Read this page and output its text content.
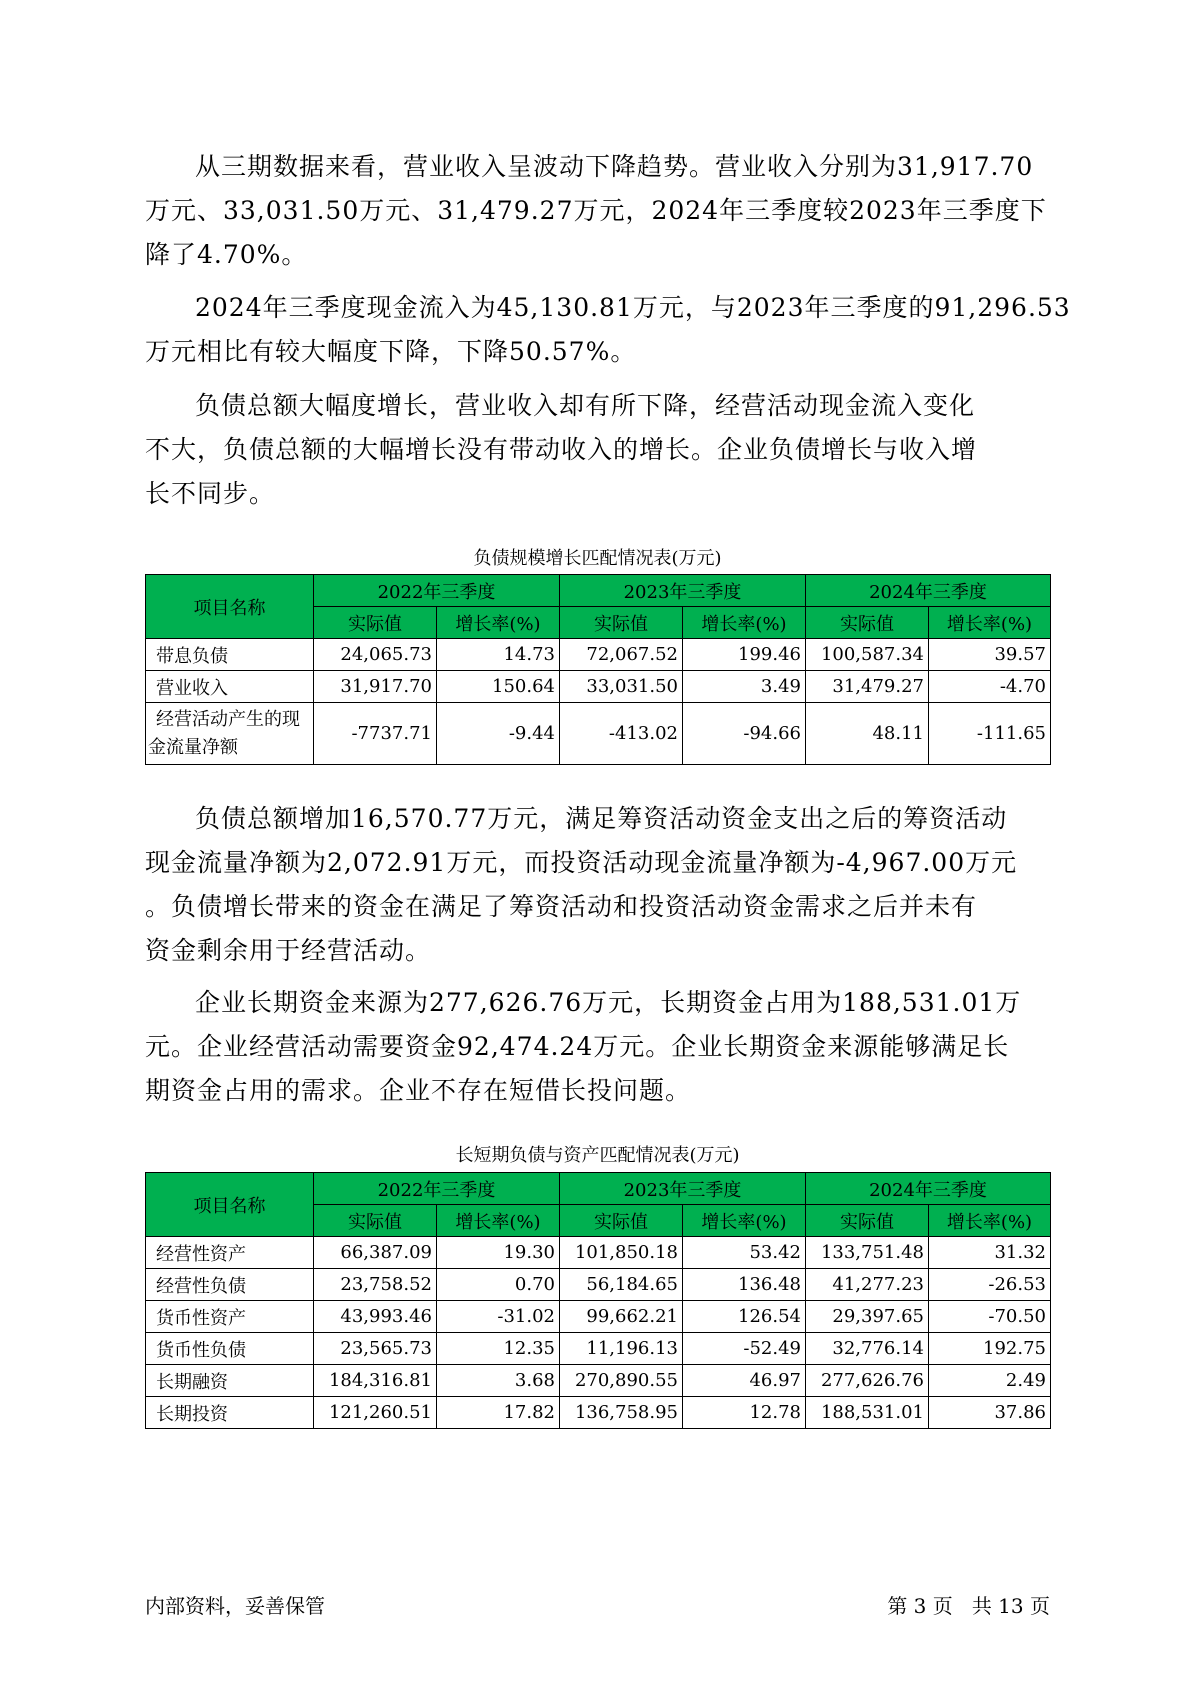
从三期数据来看，营业收入呈波动下降趋势。营业收入分别为31,917.70
万元、33,031.50万元、31,479.27万元，2024年三季度较2023年三季度下
降了4.70%。

2024年三季度现金流入为45,130.81万元，与2023年三季度的91,296.53
万元相比有较大幅度下降，下降50.57%。

负债总额大幅度增长，营业收入却有所下降，经营活动现金流入变化
不大，负债总额的大幅增长没有带动收入的增长。企业负债增长与收入增
长不同步。

负债规模增长匹配情况表(万元)
项目名称	2022年三季度		2023年三季度		2024年三季度	
	实际值	增长率(%)	实际值	增长率(%)	实际值	增长率(%)
带息负债	24,065.73	14.73	72,067.52	199.46	100,587.34	39.57
营业收入	31,917.70	150.64	33,031.50	3.49	31,479.27	-4.70

经营活动产生的现
金流量净额	-7737.71	-9.44	-413.02	-94.66	48.11	-111.65

负债总额增加16,570.77万元，满足筹资活动资金支出之后的筹资活动
现金流量净额为2,072.91万元，而投资活动现金流量净额为-4,967.00万元
。负债增长带来的资金在满足了筹资活动和投资活动资金需求之后并未有
资金剩余用于经营活动。

企业长期资金来源为277,626.76万元，长期资金占用为188,531.01万
元。企业经营活动需要资金92,474.24万元。企业长期资金来源能够满足长
期资金占用的需求。企业不存在短借长投问题。

长短期负债与资产匹配情况表(万元)
项目名称	2022年三季度		2023年三季度		2024年三季度	
	实际值	增长率(%)	实际值	增长率(%)	实际值	增长率(%)
经营性资产	66,387.09	19.30	101,850.18	53.42	133,751.48	31.32
经营性负债	23,758.52	0.70	56,184.65	136.48	41,277.23	-26.53
货币性资产	43,993.46	-31.02	99,662.21	126.54	29,397.65	-70.50
货币性负债	23,565.73	12.35	11,196.13	-52.49	32,776.14	192.75
长期融资	184,316.81	3.68	270,890.55	46.97	277,626.76	2.49
长期投资	121,260.51	17.82	136,758.95	12.78	188,531.01	37.86
内部资料，妥善保管	第 3 页   共 13 页
